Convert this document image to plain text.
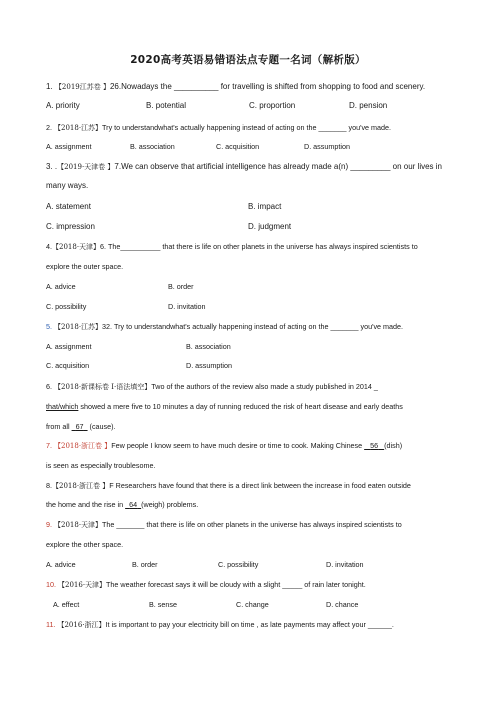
2020高考英语易错语法点专题一名词（解析版）
1. 【2019江苏卷 】26.Nowadays the __________ for travelling is shifted from shopping to food and scenery.
A. priority	B. potential	C. proportion	D. pension
2. 【2018·江苏】Try to understandwhat's actually happening instead of acting on the _______ you've made.
A. assignment	B. association	C. acquisition	D. assumption
3. .【2019·天津卷 】7.We can observe that artificial intelligence has already made a(n) _________ on our lives in
many ways.
A. statement	B. impact
C. impression	D. judgment
4.【2018·天津】6. The__________ that there is life on other planets in the universe has always inspired scientists to
explore the outer space.
A. advice	B. order
C. possibility	D. invitation
5. 【2018·江苏】32. Try to understandwhat's actually happening instead of acting on the _______ you've made.
A. assignment	B. association
C. acquisition	D. assumption
6. 【2018·新课标卷 I·语法填空】Two of the authors of the review also made a study published in 2014 _
that/which showed a mere five to 10 minutes a day of running reduced the risk of heart disease and early deaths
from all   67   (cause).
7. 【2018·浙江卷 】Few people I know seem to have much desire or time to cook. Making Chinese    56 (dish)
is seen as especially troublesome.
8.【2018·浙江卷 】F Researchers have found that there is a direct link between the increase in food eaten outside
the home and the rise in   64 (weigh) problems.
9. 【2018·天津】The _______ that there is life on other planets in the universe has always inspired scientists to
explore the other space.
A. advice	B. order	C. possibility	D. invitation
10. 【2016·天津】The weather forecast says it will be cloudy with a slight _____ of rain later tonight.
A. effect	B. sense	C. change	D. chance
11. 【2016·浙江】It is important to pay your electricity bill on time , as late payments may affect your ______.
